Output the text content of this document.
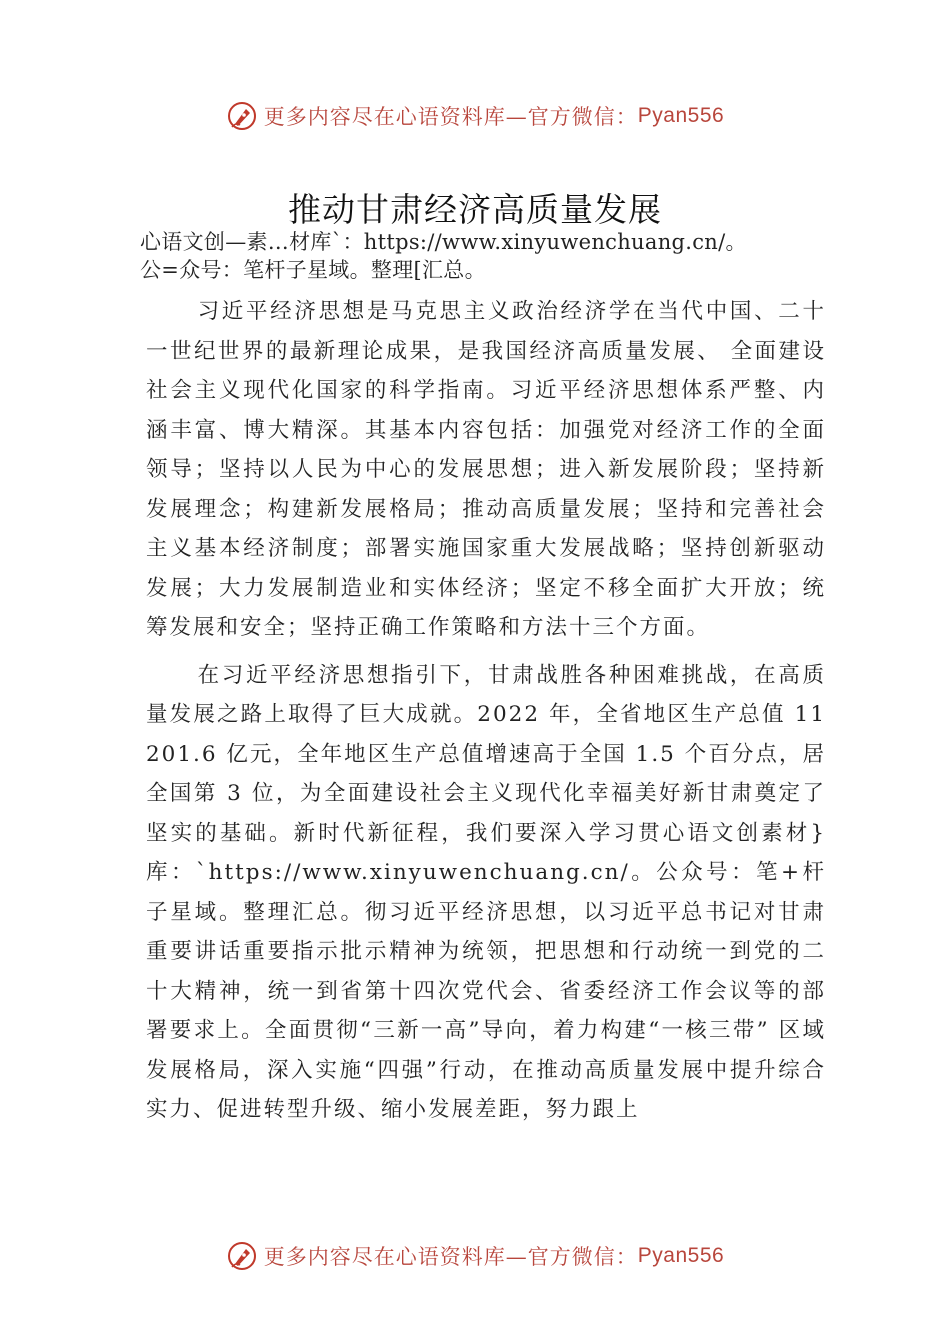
更多内容尽在心语资料库—官方微信： Pyan556
推动甘肃经济高质量发展

心语文创—素…材库`：https://www.xinyuwenchuang.cn/。

公=众号：笔杆子星域。整理[汇总。

习近平经济思想是马克思主义政治经济学在当代中国、二十一世纪世界的最新理论成果，是我国经济高质量发展、 全面建设社会主义现代化国家的科学指南。习近平经济思想体系严整、内涵丰富、博大精深。其基本内容包括：加强党对经济工作的全面领导；坚持以人民为中心的发展思想；进入新发展阶段；坚持新发展理念；构建新发展格局；推动高质量发展；坚持和完善社会主义基本经济制度；部署实施国家重大发展战略；坚持创新驱动发展；大力发展制造业和实体经济；坚定不移全面扩大开放；统筹发展和安全；坚持正确工作策略和方法十三个方面。

在习近平经济思想指引下，甘肃战胜各种困难挑战，在高质量发展之路上取得了巨大成就。2022 年，全省地区生产总值 11201.6 亿元，全年地区生产总值增速高于全国 1.5 个百分点，居全国第 3 位，为全面建设社会主义现代化幸福美好新甘肃奠定了坚实的基础。新时代新征程，我们要深入学习贯心语文创素材}库：`https://www.xinyuwenchuang.cn/。公众号：笔+杆子星域。整理汇总。彻习近平经济思想，以习近平总书记对甘肃重要讲话重要指示批示精神为统领，把思想和行动统一到党的二十大精神，统一到省第十四次党代会、省委经济工作会议等的部署要求上。全面贯彻“三新一高”导向，着力构建“一核三带” 区域发展格局，深入实施“四强”行动，在推动高质量发展中提升综合实力、促进转型升级、缩小发展差距，努力跟上

更多内容尽在心语资料库—官方微信： Pyan556
